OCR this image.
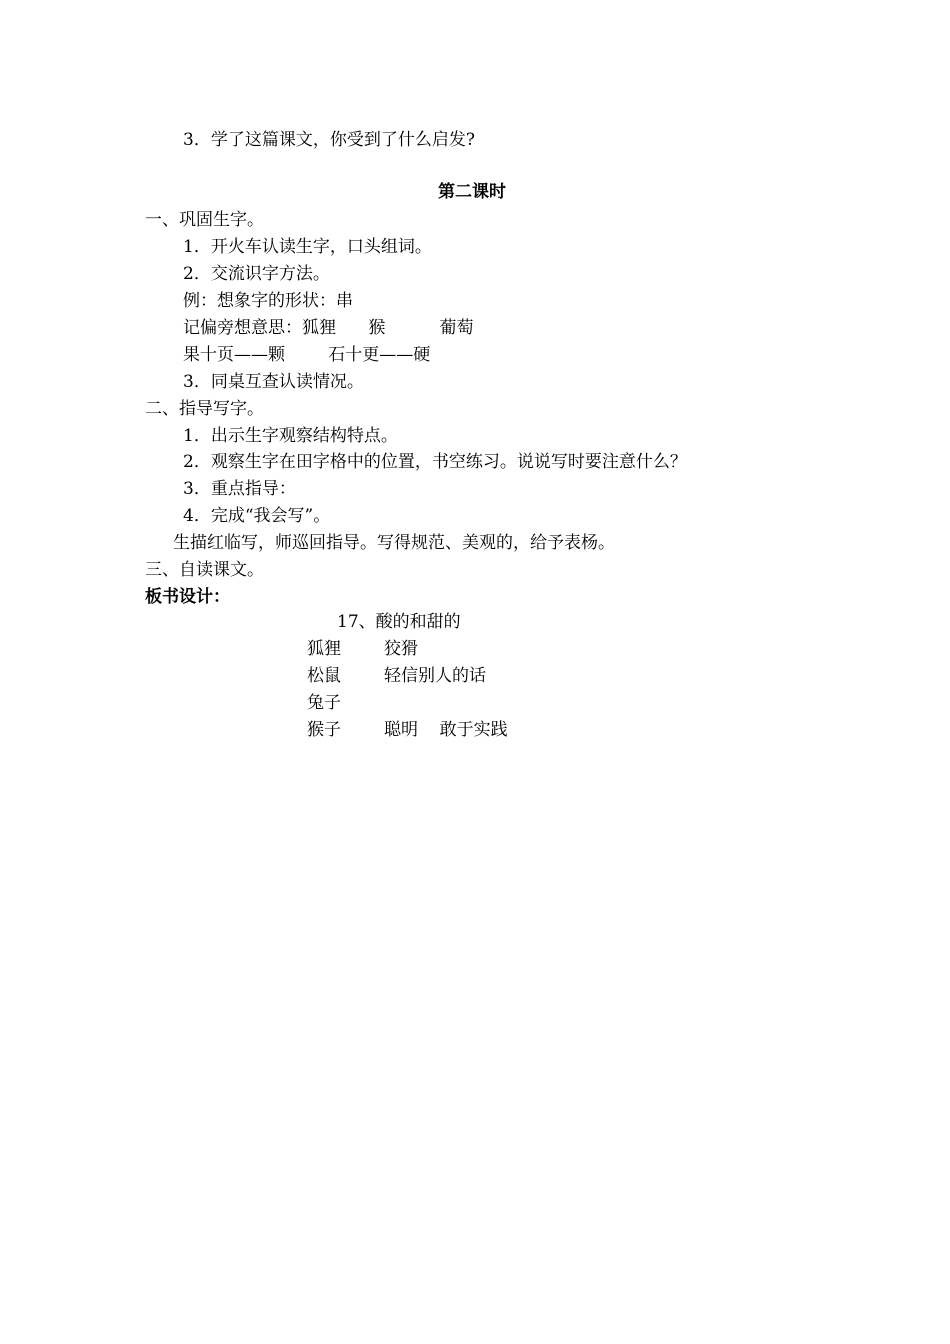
3．学了这篇课文，你受到了什么启发?
第二课时
一、巩固生字。
1．开火车认读生字，口头组词。
2．交流识字方法。
例：想象字的形状：串
记偏旁想意思：狐狸      猴          葡萄
果十页——颗        石十更——硬
3．同桌互查认读情况。
二、指导写字。
1．出示生字观察结构特点。
2．观察生字在田字格中的位置，书空练习。说说写时要注意什么？
3．重点指导：
4．完成“我会写”。
生描红临写，师巡回指导。写得规范、美观的，给予表杨。
三、自读课文。
板书设计：
17、酸的和甜的
狐狸	狡猾
松鼠	轻信别人的话
兔子
猴子	聪明    敢于实践
